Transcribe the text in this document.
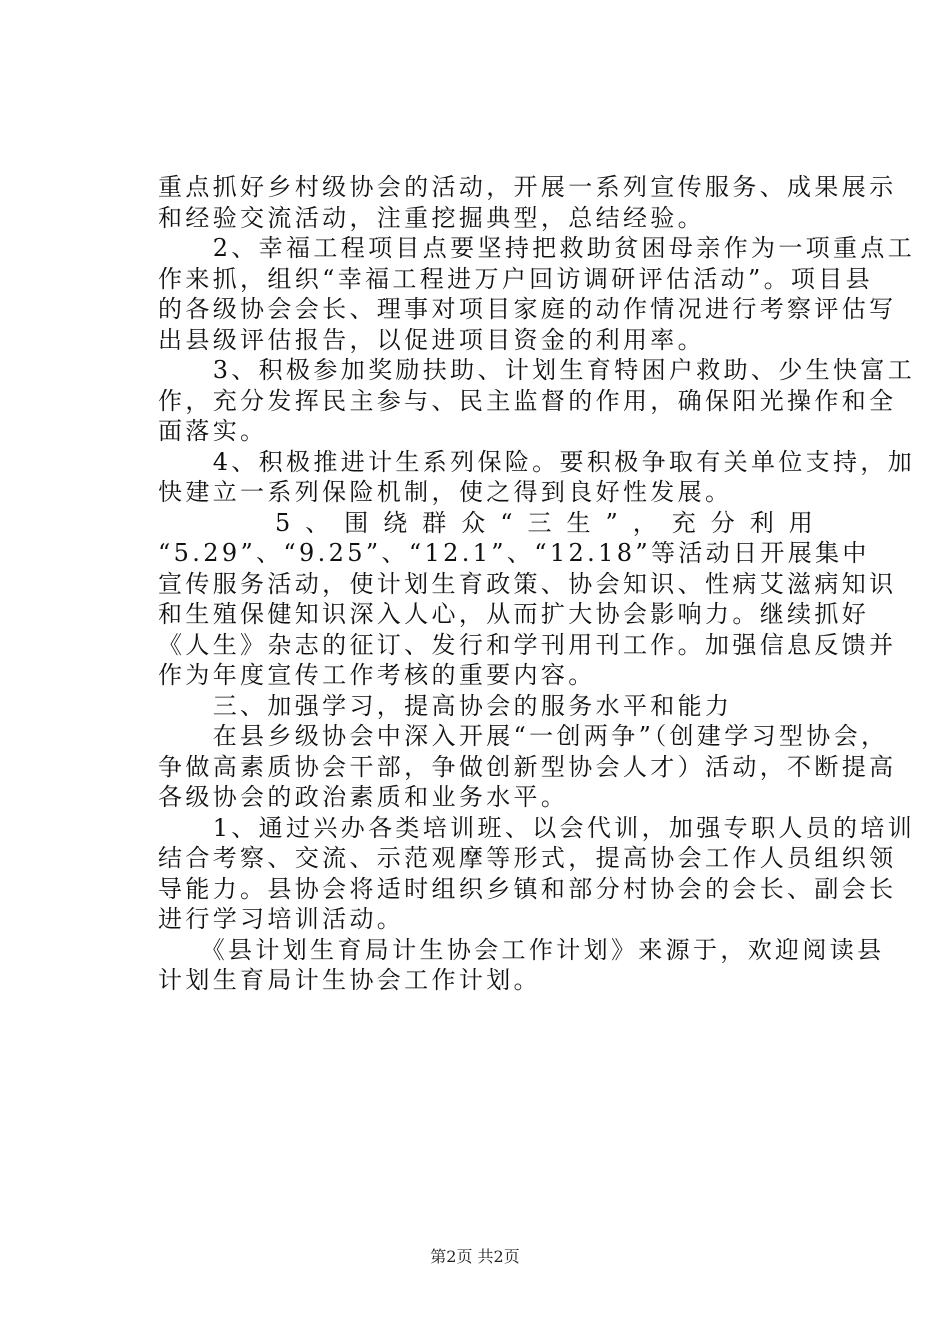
重点抓好乡村级协会的活动，开展一系列宣传服务、成果展示
和经验交流活动，注重挖掘典型，总结经验。
　　2、幸福工程项目点要坚持把救助贫困母亲作为一项重点工
作来抓，组织“幸福工程进万户回访调研评估活动”。项目县
的各级协会会长、理事对项目家庭的动作情况进行考察评估写
出县级评估报告，以促进项目资金的利用率。
　　3、积极参加奖励扶助、计划生育特困户救助、少生快富工
作，充分发挥民主参与、民主监督的作用，确保阳光操作和全
面落实。
　　4、积极推进计生系列保险。要积极争取有关单位支持，加
快建立一系列保险机制，使之得到良好性发展。
　　　5、围绕群众“三生”，充分利用
“5.29”、“9.25”、“12.1”、“12.18”等活动日开展集中
宣传服务活动，使计划生育政策、协会知识、性病艾滋病知识
和生殖保健知识深入人心，从而扩大协会影响力。继续抓好
《人生》杂志的征订、发行和学刊用刊工作。加强信息反馈并
作为年度宣传工作考核的重要内容。
　　三、加强学习，提高协会的服务水平和能力
　　在县乡级协会中深入开展“一创两争”（创建学习型协会，
争做高素质协会干部，争做创新型协会人才）活动，不断提高
各级协会的政治素质和业务水平。
　　1、通过兴办各类培训班、以会代训，加强专职人员的培训
结合考察、交流、示范观摩等形式，提高协会工作人员组织领
导能力。县协会将适时组织乡镇和部分村协会的会长、副会长
进行学习培训活动。
　　《县计划生育局计生协会工作计划》来源于，欢迎阅读县
计划生育局计生协会工作计划。
第2页 共2页
